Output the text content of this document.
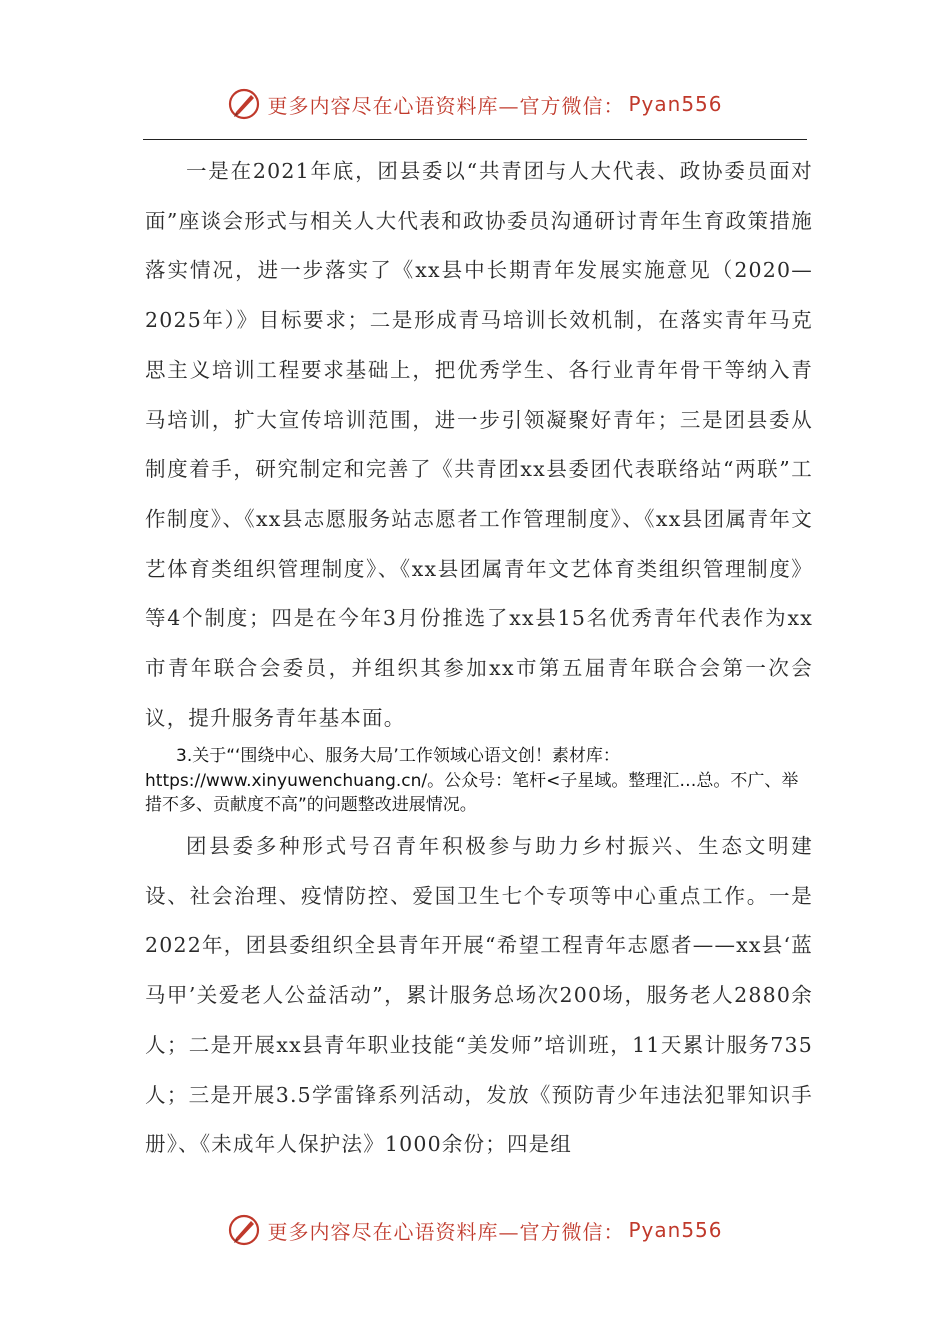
更多内容尽在心语资料库—官方微信： Pyan556

一是在2021年底，团县委以“共青团与人大代表、政协委员面对面”座谈会形式与相关人大代表和政协委员沟通研讨青年生育政策措施落实情况，进一步落实了《xx县中长期青年发展实施意见（2020—2025年）》目标要求；二是形成青马培训长效机制，在落实青年马克思主义培训工程要求基础上，把优秀学生、各行业青年骨干等纳入青马培训，扩大宣传培训范围，进一步引领凝聚好青年；三是团县委从制度着手，研究制定和完善了《共青团xx县委团代表联络站“两联”工作制度》、《xx县志愿服务站志愿者工作管理制度》、《xx县团属青年文艺体育类组织管理制度》、《xx县团属青年文艺体育类组织管理制度》等4个制度；四是在今年3月份推选了xx县15名优秀青年代表作为xx市青年联合会委员，并组织其参加xx市第五届青年联合会第一次会议，提升服务青年基本面。

3.关于“‘围绕中心、服务大局’工作领域心语文创！素材库：https://www.xinyuwenchuang.cn/。公众号：笔杆<子星域。整理汇…总。不广、举措不多、贡献度不高”的问题整改进展情况。

团县委多种形式号召青年积极参与助力乡村振兴、生态文明建设、社会治理、疫情防控、爱国卫生七个专项等中心重点工作。一是2022年，团县委组织全县青年开展“希望工程青年志愿者——xx县‘蓝马甲’关爱老人公益活动”，累计服务总场次200场，服务老人2880余人；二是开展xx县青年职业技能“美发师”培训班，11天累计服务735人；三是开展3.5学雷锋系列活动，发放《预防青少年违法犯罪知识手册》、《未成年人保护法》1000余份；四是组

更多内容尽在心语资料库—官方微信： Pyan556
